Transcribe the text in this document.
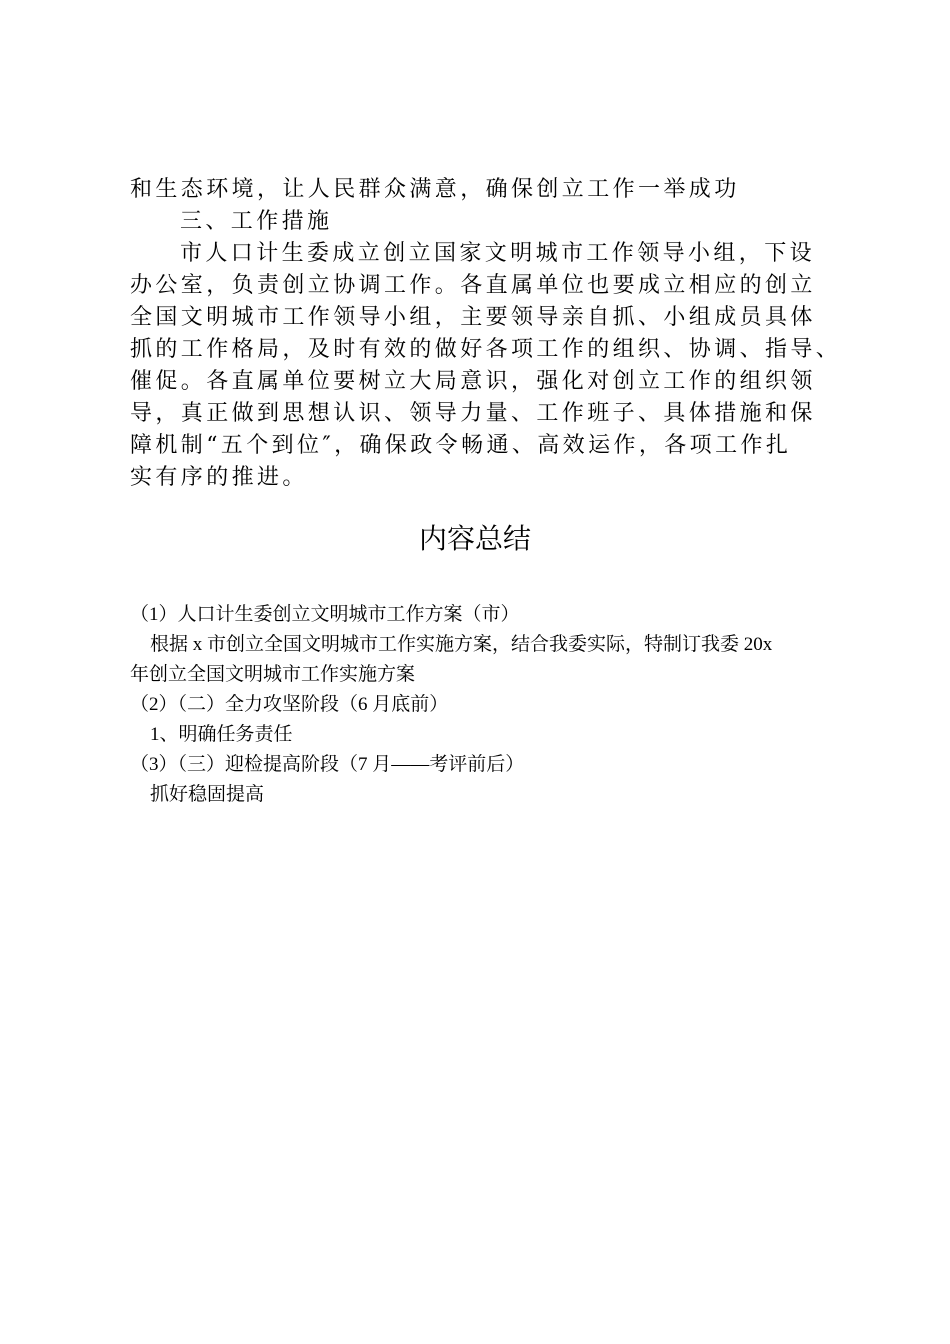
和生态环境，让人民群众满意，确保创立工作一举成功

三、工作措施

市人口计生委成立创立国家文明城市工作领导小组，下设

办公室，负责创立协调工作。各直属单位也要成立相应的创立

全国文明城市工作领导小组，主要领导亲自抓、小组成员具体

抓的工作格局，及时有效的做好各项工作的组织、协调、指导、

催促。各直属单位要树立大局意识，强化对创立工作的组织领

导，真正做到思想认识、领导力量、工作班子、具体措施和保

障机制“五个到位″，确保政令畅通、高效运作，各项工作扎

实有序的推进。

内容总结

（1）人口计生委创立文明城市工作方案（市）

根据 x 市创立全国文明城市工作实施方案，结合我委实际，特制订我委 20x

年创立全国文明城市工作实施方案

（2）（二）全力攻坚阶段（6 月底前）

1、明确任务责任

（3）（三）迎检提高阶段（7 月——考评前后）

抓好稳固提高
